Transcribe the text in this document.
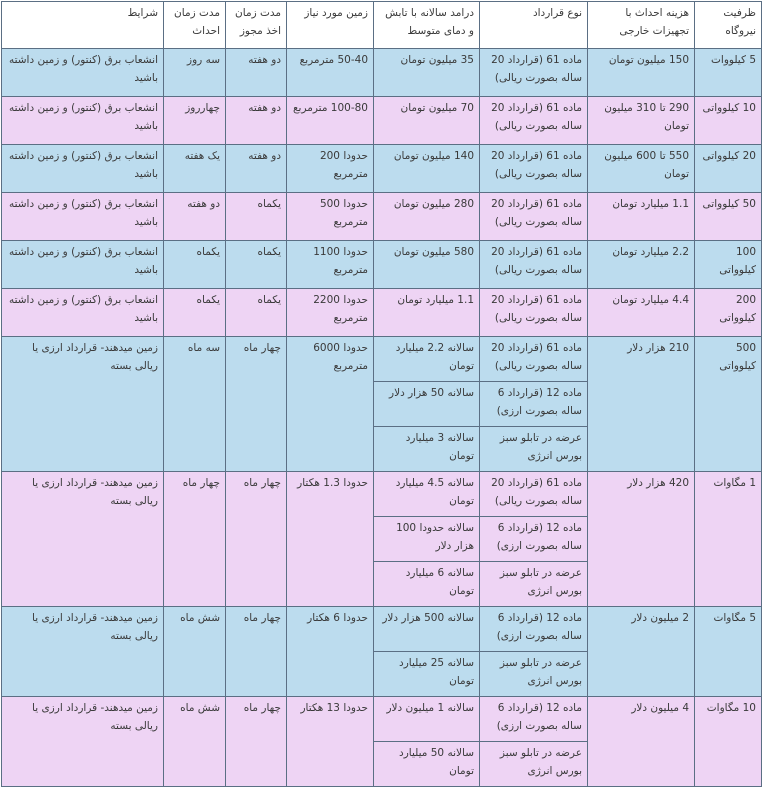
ظرفیت نیروگاه	هزینه احداث با تجهیزات خارجی	نوع قرارداد	درامد سالانه با تابش و دمای متوسط	زمین مورد نیاز	مدت زمان اخذ مجوز	مدت زمان احداث	شرایط
5 کیلووات	150 میلیون تومان	ماده 61 (قرارداد 20 ساله بصورت ریالی)	35 میلیون تومان	50-40 مترمربع	دو هفته	سه روز	انشعاب برق (کنتور) و زمین داشته باشید
10 کیلوواتی	290 تا 310 میلیون تومان	ماده 61 (قرارداد 20 ساله بصورت ریالی)	70 میلیون تومان	100-80 مترمربع	دو هفته	چهارروز	انشعاب برق (کنتور) و زمین داشته باشید
20 کیلوواتی	550 تا 600 میلیون تومان	ماده 61 (قرارداد 20 ساله بصورت ریالی)	140 میلیون تومان	حدودا 200 مترمربع	دو هفته	یک هفته	انشعاب برق (کنتور) و زمین داشته باشید
50 کیلوواتی	1.1 میلیارد تومان	ماده 61 (قرارداد 20 ساله بصورت ریالی)	280 میلیون تومان	حدودا 500 مترمربع	یکماه	دو هفته	انشعاب برق (کنتور) و زمین داشته باشید
100 کیلوواتی	2.2 میلیارد تومان	ماده 61 (قرارداد 20 ساله بصورت ریالی)	580 میلیون تومان	حدودا 1100 مترمربع	یکماه	یکماه	انشعاب برق (کنتور) و زمین داشته باشید
200 کیلوواتی	4.4 میلیارد تومان	ماده 61 (قرارداد 20 ساله بصورت ریالی)	1.1 میلیارد تومان	حدودا 2200 مترمربع	یکماه	یکماه	انشعاب برق (کنتور) و زمین داشته باشید
500 کیلوواتی	210 هزار دلار	ماده 61 (قرارداد 20 ساله بصورت ریالی)	سالانه 2.2 میلیارد تومان	حدودا 6000 مترمربع	چهار ماه	سه ماه	زمین میدهند- قرارداد ارزی یا ریالی بسته
		ماده 12 (قرارداد 6 ساله بصورت ارزی)	سالانه 50 هزار دلار				
		عرضه در تابلو سبز بورس انرژی	سالانه 3 میلیارد تومان				
1 مگاوات	420 هزار دلار	ماده 61 (قرارداد 20 ساله بصورت ریالی)	سالانه 4.5 میلیارد تومان	حدودا 1.3 هکتار	چهار ماه	چهار ماه	زمین میدهند- قرارداد ارزی یا ریالی بسته
		ماده 12 (قرارداد 6 ساله بصورت ارزی)	سالانه حدودا 100 هزار دلار				
		عرضه در تابلو سبز بورس انرژی	سالانه 6 میلیارد تومان				
5 مگاوات	2 میلیون دلار	ماده 12 (قرارداد 6 ساله بصورت ارزی)	سالانه 500 هزار دلار	حدودا 6 هکتار	چهار ماه	شش ماه	زمین میدهند- قرارداد ارزی یا ریالی بسته
		عرضه در تابلو سبز بورس انرژی	سالانه 25 میلیارد تومان				
10 مگاوات	4 میلیون دلار	ماده 12 (قرارداد 6 ساله بصورت ارزی)	سالانه 1 میلیون دلار	حدودا 13 هکتار	چهار ماه	شش ماه	زمین میدهند- قرارداد ارزی یا ریالی بسته
		عرضه در تابلو سبز بورس انرژی	سالانه 50 میلیارد تومان				
